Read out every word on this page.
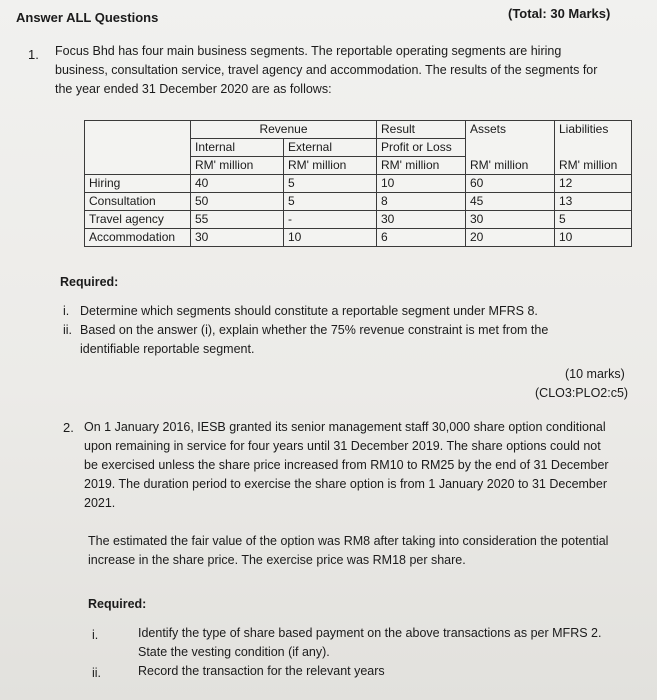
Answer ALL Questions	(Total: 30 Marks)
1. Focus Bhd has four main business segments. The reportable operating segments are hiring
business, consultation service, travel agency and accommodation. The results of the segments for
the year ended 31 December 2020 are as follows:
	Revenue		Result	Assets	Liabilities
	Internal	External	Profit or Loss		
	RM' million	RM' million	RM' million	RM' million	RM' million
Hiring	40	5	10	60	12
Consultation	50	5	8	45	13
Travel agency	55	-	30	30	5
Accommodation	30	10	6	20	10
Required:
i. Determine which segments should constitute a reportable segment under MFRS 8.
ii. Based on the answer (i), explain whether the 75% revenue constraint is met from the
identifiable reportable segment.
(10 marks)
(CLO3:PLO2:c5)
2. On 1 January 2016, IESB granted its senior management staff 30,000 share option conditional
upon remaining in service for four years until 31 December 2019. The share options could not
be exercised unless the share price increased from RM10 to RM25 by the end of 31 December
2019. The duration period to exercise the share option is from 1 January 2020 to 31 December
2021.
The estimated the fair value of the option was RM8 after taking into consideration the potential
increase in the share price. The exercise price was RM18 per share.
Required:
i.	Identify the type of share based payment on the above transactions as per MFRS 2.
State the vesting condition (if any).
ii.	Record the transaction for the relevant years
